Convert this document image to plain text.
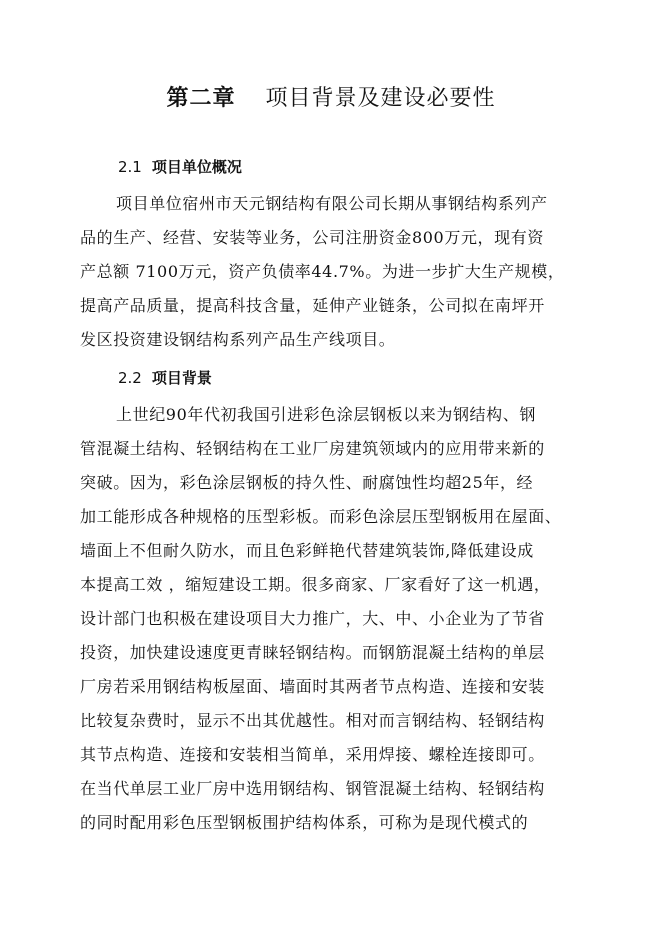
第二章 项目背景及建设必要性
2.1 项目单位概况
项目单位宿州市天元钢结构有限公司长期从事钢结构系列产
品的生产、经营、安装等业务，公司注册资金800万元，现有资
产总额 7100万元，资产负债率44.7%。为进一步扩大生产规模，
提高产品质量，提高科技含量，延伸产业链条，公司拟在南坪开
发区投资建设钢结构系列产品生产线项目。
2.2 项目背景
上世纪90年代初我国引进彩色涂层钢板以来为钢结构、钢
管混凝土结构、轻钢结构在工业厂房建筑领域内的应用带来新的
突破。因为，彩色涂层钢板的持久性、耐腐蚀性均超25年，经
加工能形成各种规格的压型彩板。而彩色涂层压型钢板用在屋面、
墙面上不但耐久防水，而且色彩鲜艳代替建筑装饰,降低建设成
本提高工效 ，缩短建设工期。很多商家、厂家看好了这一机遇，
设计部门也积极在建设项目大力推广，大、中、小企业为了节省
投资，加快建设速度更青睐轻钢结构。而钢筋混凝土结构的单层
厂房若采用钢结构板屋面、墙面时其两者节点构造、连接和安装
比较复杂费时，显示不出其优越性。相对而言钢结构、轻钢结构
其节点构造、连接和安装相当简单，采用焊接、螺栓连接即可。
在当代单层工业厂房中选用钢结构、钢管混凝土结构、轻钢结构
的同时配用彩色压型钢板围护结构体系，可称为是现代模式的
